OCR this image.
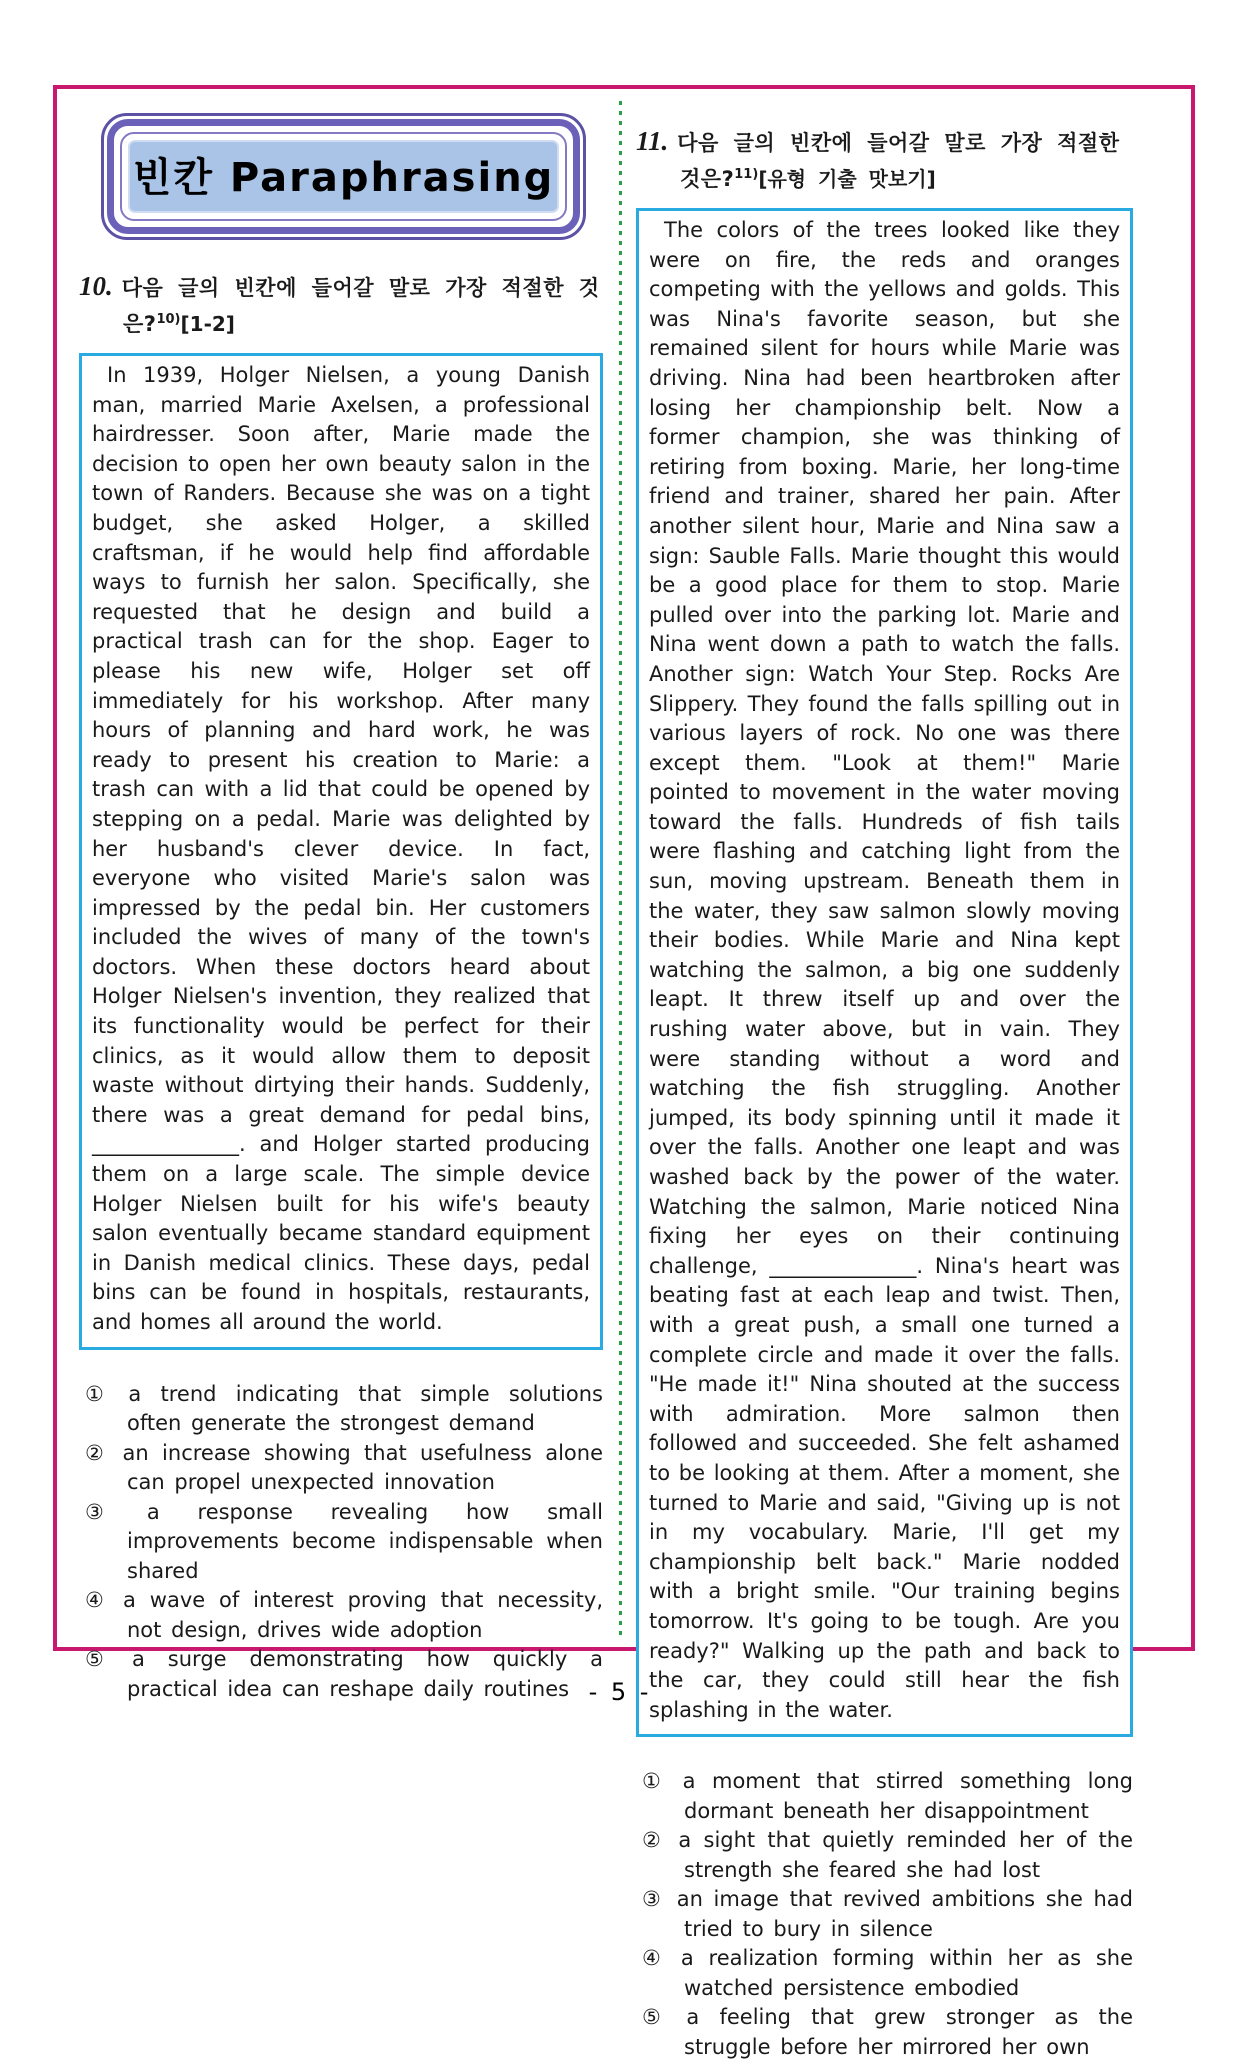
빈칸 Paraphrasing
10. 다음 글의 빈칸에 들어갈 말로 가장 적절한 것은?$^{10)}$[1-2]

In 1939, Holger Nielsen, a young Danish man, married Marie Axelsen, a professional hairdresser. Soon after, Marie made the decision to open her own beauty salon in the town of Randers. Because she was on a tight budget, she asked Holger, a skilled craftsman, if he would help find affordable ways to furnish her salon. Specifically, she requested that he design and build a practical trash can for the shop. Eager to please his new wife, Holger set off immediately for his workshop. After many hours of planning and hard work, he was ready to present his creation to Marie: a trash can with a lid that could be opened by stepping on a pedal. Marie was delighted by her husband's clever device. In fact, everyone who visited Marie's salon was impressed by the pedal bin. Her customers included the wives of many of the town's doctors. When these doctors heard about Holger Nielsen's invention, they realized that its functionality would be perfect for their clinics, as it would allow them to deposit waste without dirtying their hands. Suddenly, there was a great demand for pedal bins, ______________. and Holger started producing them on a large scale. The simple device Holger Nielsen built for his wife's beauty salon eventually became standard equipment in Danish medical clinics. These days, pedal bins can be found in hospitals, restaurants, and homes all around the world.

① a trend indicating that simple solutions often generate the strongest demand
② an increase showing that usefulness alone can propel unexpected innovation
③ a response revealing how small improvements become indispensable when shared
④ a wave of interest proving that necessity, not design, drives wide adoption
⑤ a surge demonstrating how quickly a practical idea can reshape daily routines
11. 다음 글의 빈칸에 들어갈 말로 가장 적절한 것은?$^{11)}$[유형 기출 맛보기]

The colors of the trees looked like they were on fire, the reds and oranges competing with the yellows and golds. This was Nina's favorite season, but she remained silent for hours while Marie was driving. Nina had been heartbroken after losing her championship belt. Now a former champion, she was thinking of retiring from boxing. Marie, her long-time friend and trainer, shared her pain. After another silent hour, Marie and Nina saw a sign: Sauble Falls. Marie thought this would be a good place for them to stop. Marie pulled over into the parking lot. Marie and Nina went down a path to watch the falls. Another sign: Watch Your Step. Rocks Are Slippery. They found the falls spilling out in various layers of rock. No one was there except them. "Look at them!" Marie pointed to movement in the water moving toward the falls. Hundreds of fish tails were flashing and catching light from the sun, moving upstream. Beneath them in the water, they saw salmon slowly moving their bodies. While Marie and Nina kept watching the salmon, a big one suddenly leapt. It threw itself up and over the rushing water above, but in vain. They were standing without a word and watching the fish struggling. Another jumped, its body spinning until it made it over the falls. Another one leapt and was washed back by the power of the water. Watching the salmon, Marie noticed Nina fixing her eyes on their continuing challenge, ______________. Nina's heart was beating fast at each leap and twist. Then, with a great push, a small one turned a complete circle and made it over the falls. "He made it!" Nina shouted at the success with admiration. More salmon then followed and succeeded. She felt ashamed to be looking at them. After a moment, she turned to Marie and said, "Giving up is not in my vocabulary. Marie, I'll get my championship belt back." Marie nodded with a bright smile. "Our training begins tomorrow. It's going to be tough. Are you ready?" Walking up the path and back to the car, they could still hear the fish splashing in the water.

① a moment that stirred something long dormant beneath her disappointment
② a sight that quietly reminded her of the strength she feared she had lost
③ an image that revived ambitions she had tried to bury in silence
④ a realization forming within her as she watched persistence embodied
⑤ a feeling that grew stronger as the struggle before her mirrored her own
- 5 -
